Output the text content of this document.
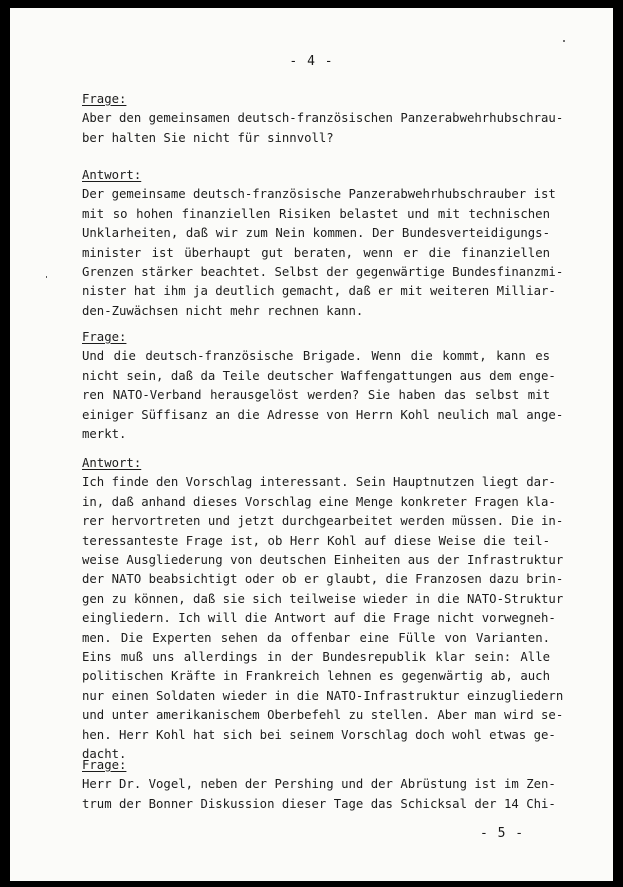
- 4 -
Frage:
Aber den gemeinsamen deutsch-französischen Panzerabwehrhubschrau-
ber halten Sie nicht für sinnvoll?
Antwort:
Der gemeinsame deutsch-französische Panzerabwehrhubschrauber ist
mit so hohen finanziellen Risiken belastet und mit technischen
Unklarheiten, daß wir zum Nein kommen. Der Bundesverteidigungs-
minister ist überhaupt gut beraten, wenn er die finanziellen
Grenzen stärker beachtet. Selbst der gegenwärtige Bundesfinanzmi-
nister hat ihm ja deutlich gemacht, daß er mit weiteren Milliar-
den-Zuwächsen nicht mehr rechnen kann.
Frage:
Und die deutsch-französische Brigade. Wenn die kommt, kann es
nicht sein, daß da Teile deutscher Waffengattungen aus dem enge-
ren NATO-Verband herausgelöst werden? Sie haben das selbst mit
einiger Süffisanz an die Adresse von Herrn Kohl neulich mal ange-
merkt.
Antwort:
Ich finde den Vorschlag interessant. Sein Hauptnutzen liegt dar-
in, daß anhand dieses Vorschlag eine Menge konkreter Fragen kla-
rer hervortreten und jetzt durchgearbeitet werden müssen. Die in-
teressanteste Frage ist, ob Herr Kohl auf diese Weise die teil-
weise Ausgliederung von deutschen Einheiten aus der Infrastruktur
der NATO beabsichtigt oder ob er glaubt, die Franzosen dazu brin-
gen zu können, daß sie sich teilweise wieder in die NATO-Struktur
eingliedern. Ich will die Antwort auf die Frage nicht vorwegneh-
men. Die Experten sehen da offenbar eine Fülle von Varianten.
Eins muß uns allerdings in der Bundesrepublik klar sein: Alle
politischen Kräfte in Frankreich lehnen es gegenwärtig ab, auch
nur einen Soldaten wieder in die NATO-Infrastruktur einzugliedern
und unter amerikanischem Oberbefehl zu stellen. Aber man wird se-
hen. Herr Kohl hat sich bei seinem Vorschlag doch wohl etwas ge-
dacht.
Frage:
Herr Dr. Vogel, neben der Pershing und der Abrüstung ist im Zen-
trum der Bonner Diskussion dieser Tage das Schicksal der 14 Chi-
- 5 -
